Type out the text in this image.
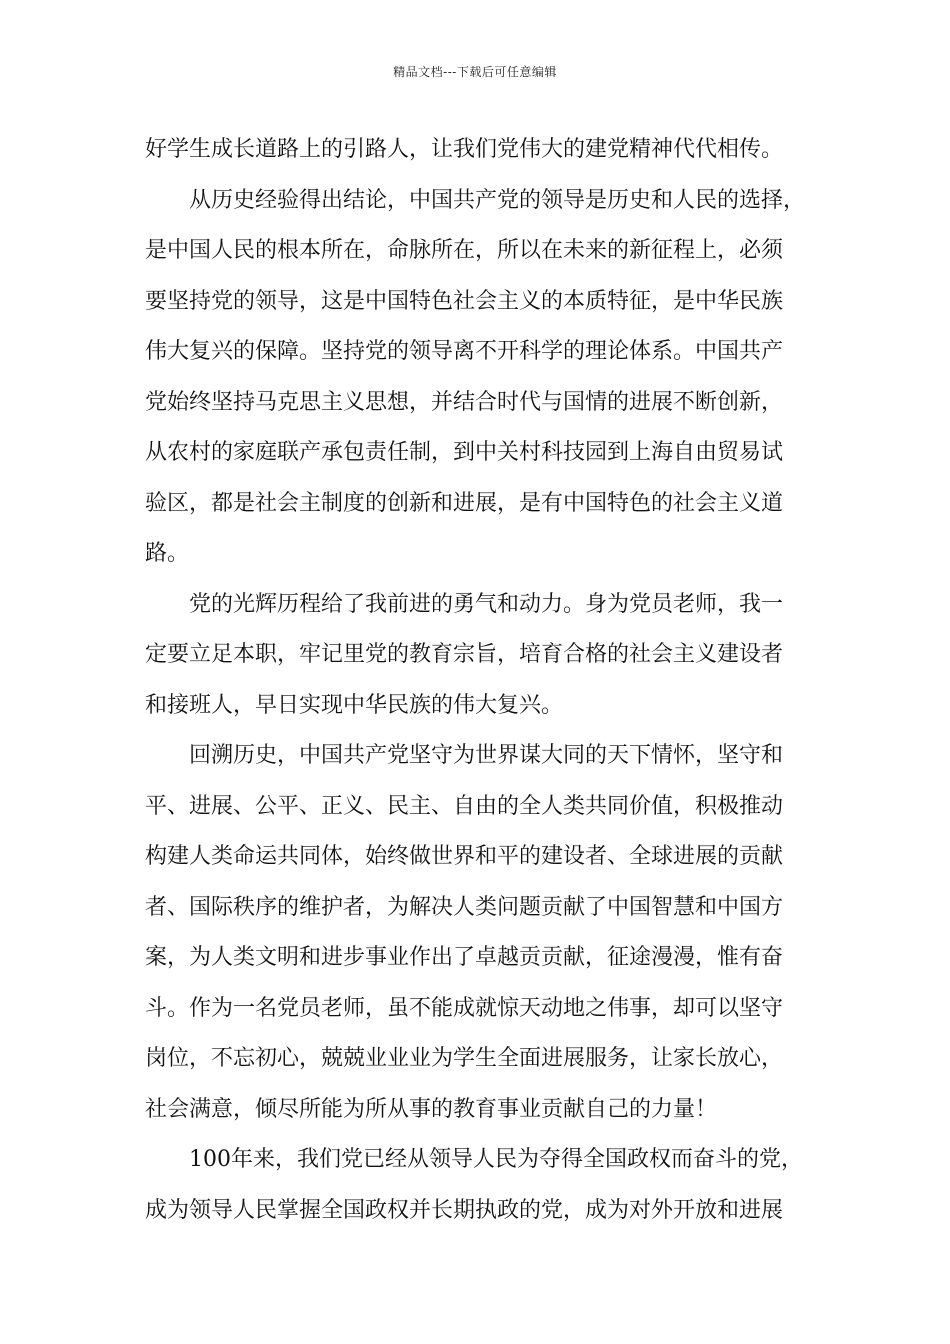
精品文档---下载后可任意编辑
好学生成长道路上的引路人，让我们党伟大的建党精神代代相传。
从历史经验得出结论，中国共产党的领导是历史和人民的选择，
是中国人民的根本所在，命脉所在，所以在未来的新征程上，必须
要坚持党的领导，这是中国特色社会主义的本质特征，是中华民族
伟大复兴的保障。坚持党的领导离不开科学的理论体系。中国共产
党始终坚持马克思主义思想，并结合时代与国情的进展不断创新，
从农村的家庭联产承包责任制，到中关村科技园到上海自由贸易试
验区，都是社会主制度的创新和进展，是有中国特色的社会主义道
路。
党的光辉历程给了我前进的勇气和动力。身为党员老师，我一
定要立足本职，牢记里党的教育宗旨，培育合格的社会主义建设者
和接班人，早日实现中华民族的伟大复兴。
回溯历史，中国共产党坚守为世界谋大同的天下情怀，坚守和
平、进展、公平、正义、民主、自由的全人类共同价值，积极推动
构建人类命运共同体，始终做世界和平的建设者、全球进展的贡献
者、国际秩序的维护者，为解决人类问题贡献了中国智慧和中国方
案，为人类文明和进步事业作出了卓越贡贡献，征途漫漫，惟有奋
斗。作为一名党员老师，虽不能成就惊天动地之伟事，却可以坚守
岗位，不忘初心，兢兢业业业为学生全面进展服务，让家长放心，
社会满意，倾尽所能为所从事的教育事业贡献自己的力量！
100年来，我们党已经从领导人民为夺得全国政权而奋斗的党，
成为领导人民掌握全国政权并长期执政的党，成为对外开放和进展
